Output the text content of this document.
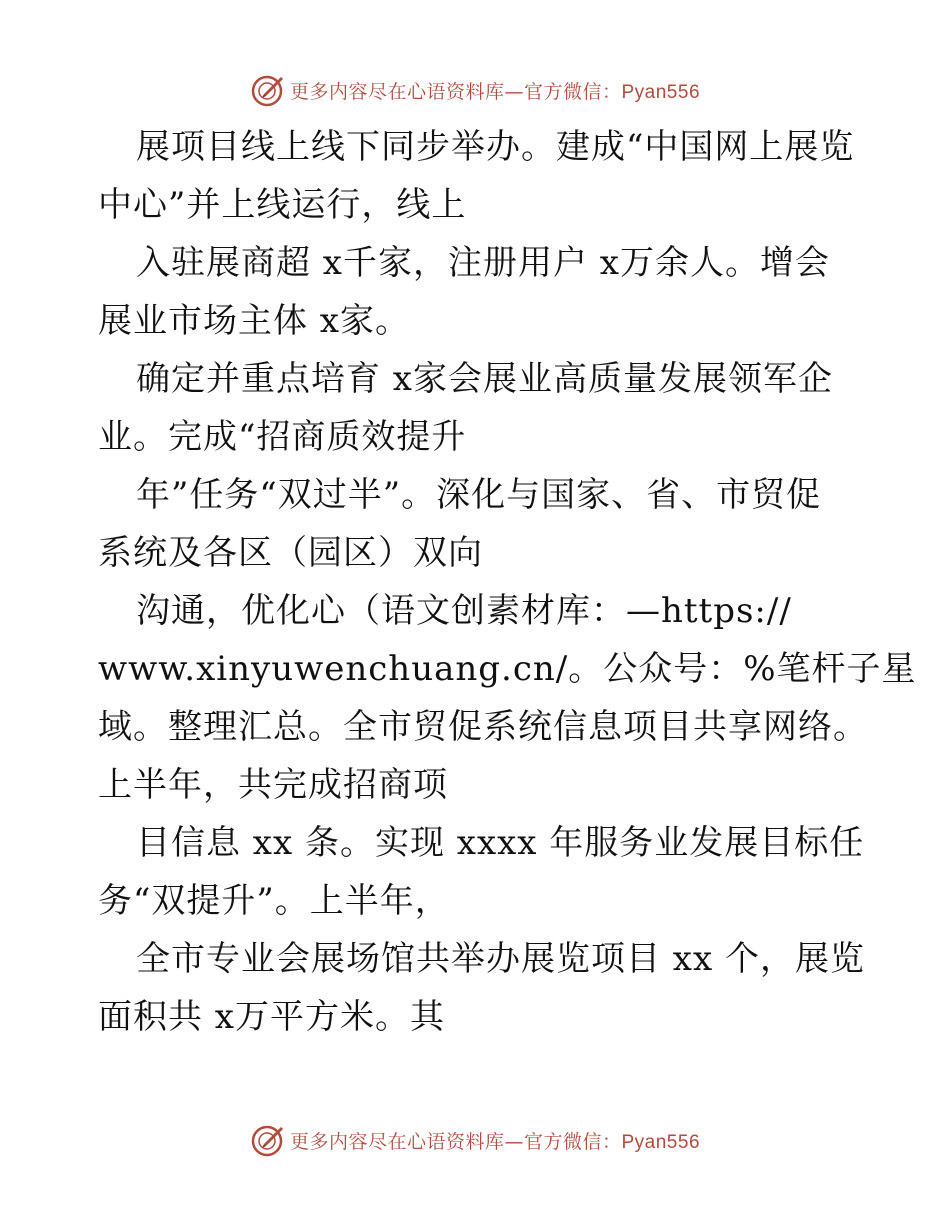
更多内容尽在心语资料库—官方微信：Pyan556
展项目线上线下同步举办。建成“中国网上展览
中心”并上线运行，线上
入驻展商超 x千家，注册用户 x万余人。增会
展业市场主体 x家。
确定并重点培育 x家会展业高质量发展领军企
业。完成“招商质效提升
年”任务“双过半”。深化与国家、省、市贸促
系统及各区（园区）双向
沟通，优化心（语文创素材库：—https://
www.xinyuwenchuang.cn/。公众号：%笔杆子星
域。整理汇总。全市贸促系统信息项目共享网络。
上半年，共完成招商项
目信息 xx 条。实现 xxxx 年服务业发展目标任
务“双提升”。上半年，
全市专业会展场馆共举办展览项目 xx 个，展览
面积共 x万平方米。其
更多内容尽在心语资料库—官方微信：Pyan556
